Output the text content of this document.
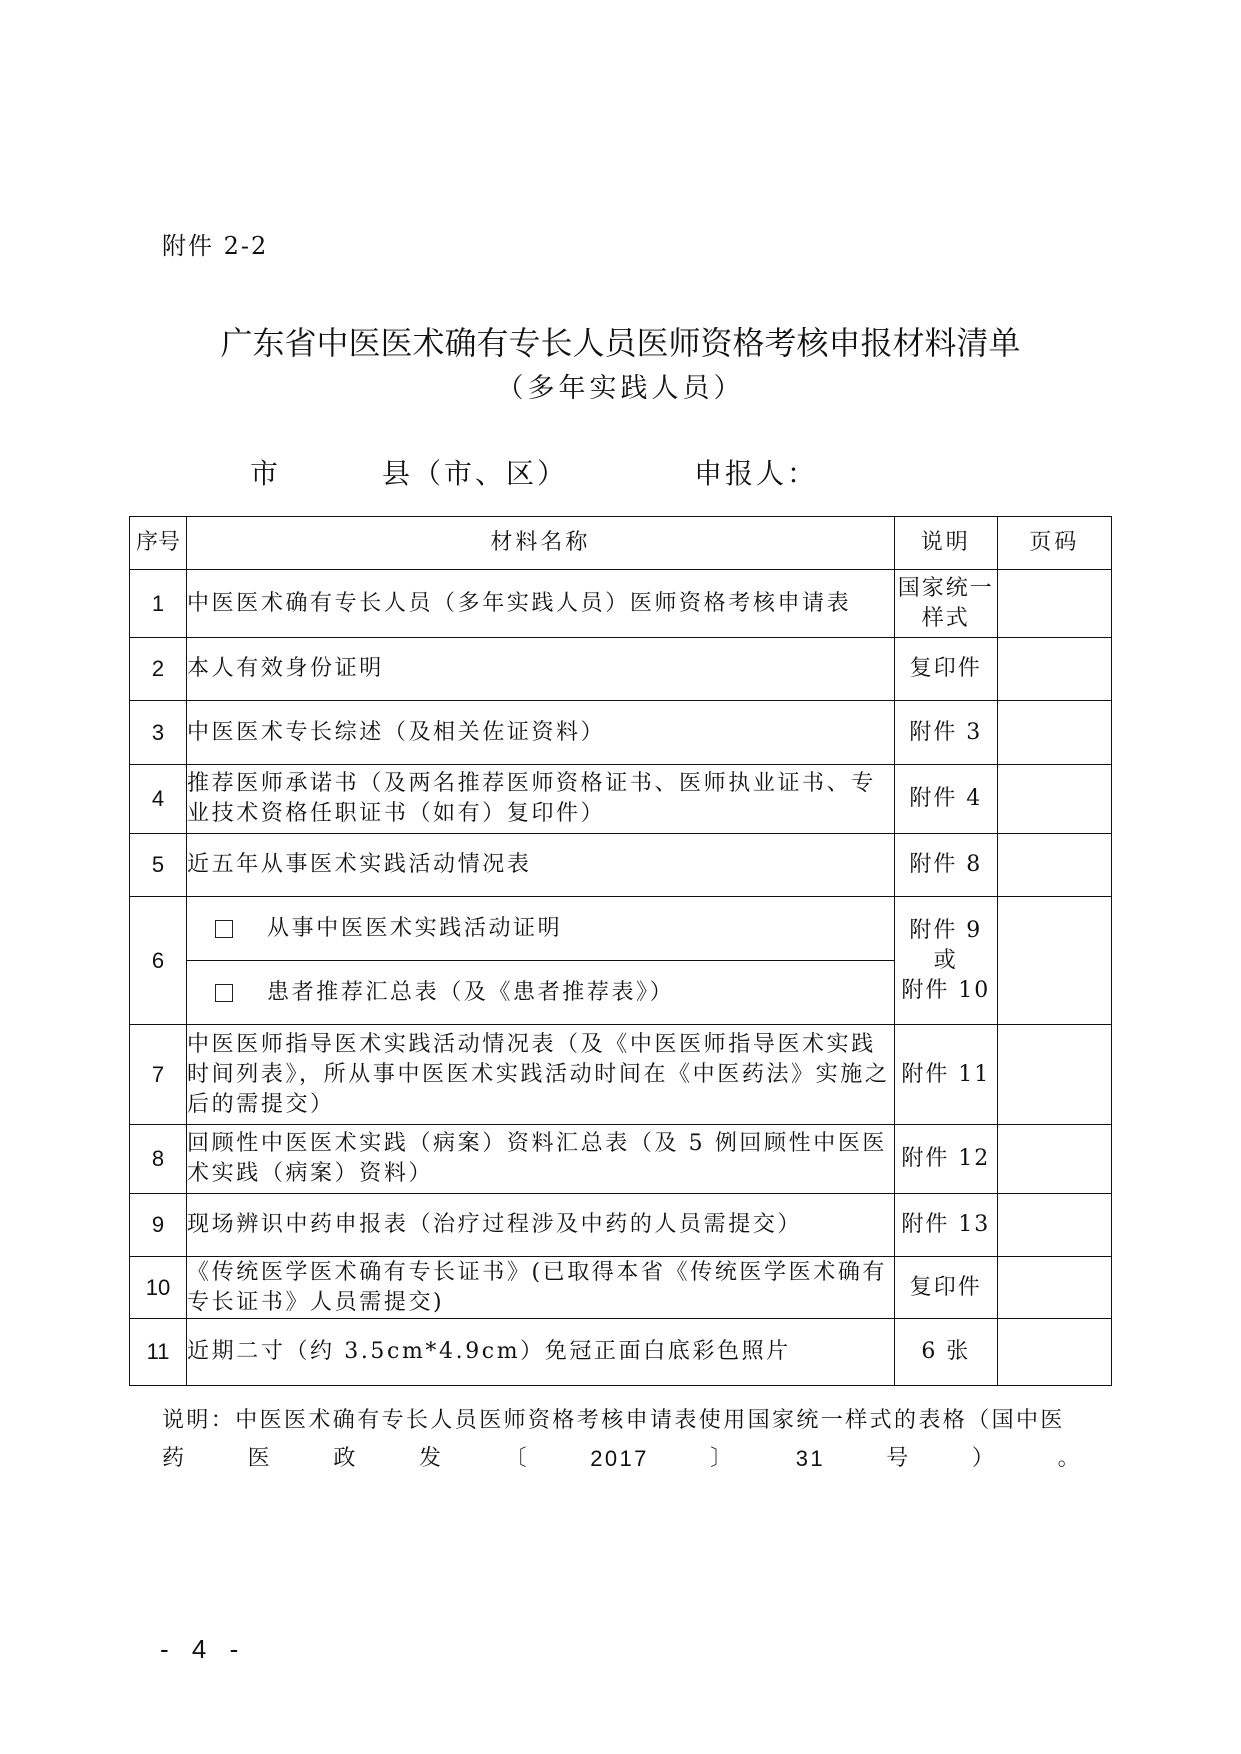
附件 2-2
广东省中医医术确有专长人员医师资格考核申报材料清单
（多年实践人员）
市	县（市、区）	申报人：
序号	材料名称	说明	页码
1	中医医术确有专长人员（多年实践人员）医师资格考核申请表	国家统一
样式	

2	本人有效身份证明	复印件	
3	中医医术专长综述（及相关佐证资料）	附件 3	
4	推荐医师承诺书（及两名推荐医师资格证书、医师执业证书、专业技术资格任职证书（如有）复印件）	附件 4	
5	近五年从事医术实践活动情况表	附件 8	
6	从事中医医术实践活动证明	附件 9 或
附件 10	

	患者推荐汇总表（及《患者推荐表》）		

7	中医医师指导医术实践活动情况表（及《中医医师指导医术实践时间列表》，所从事中医医术实践活动时间在《中医药法》实施之后的需提交）	附件 11	
8	回顾性中医医术实践（病案）资料汇总表（及 5 例回顾性中医医术实践（病案）资料）	附件 12	
9	现场辨识中药申报表（治疗过程涉及中药的人员需提交）	附件 13	
10	《传统医学医术确有专长证书》(已取得本省《传统医学医术确有专长证书》人员需提交)	复印件	
11	近期二寸（约 3.5cm*4.9cm）免冠正面白底彩色照片	6 张	
说明：中医医术确有专长人员医师资格考核申请表使用国家统一样式的表格（国中医
药	医	政	发	〔	2017	〕	31	号	）	。
- 4 -
